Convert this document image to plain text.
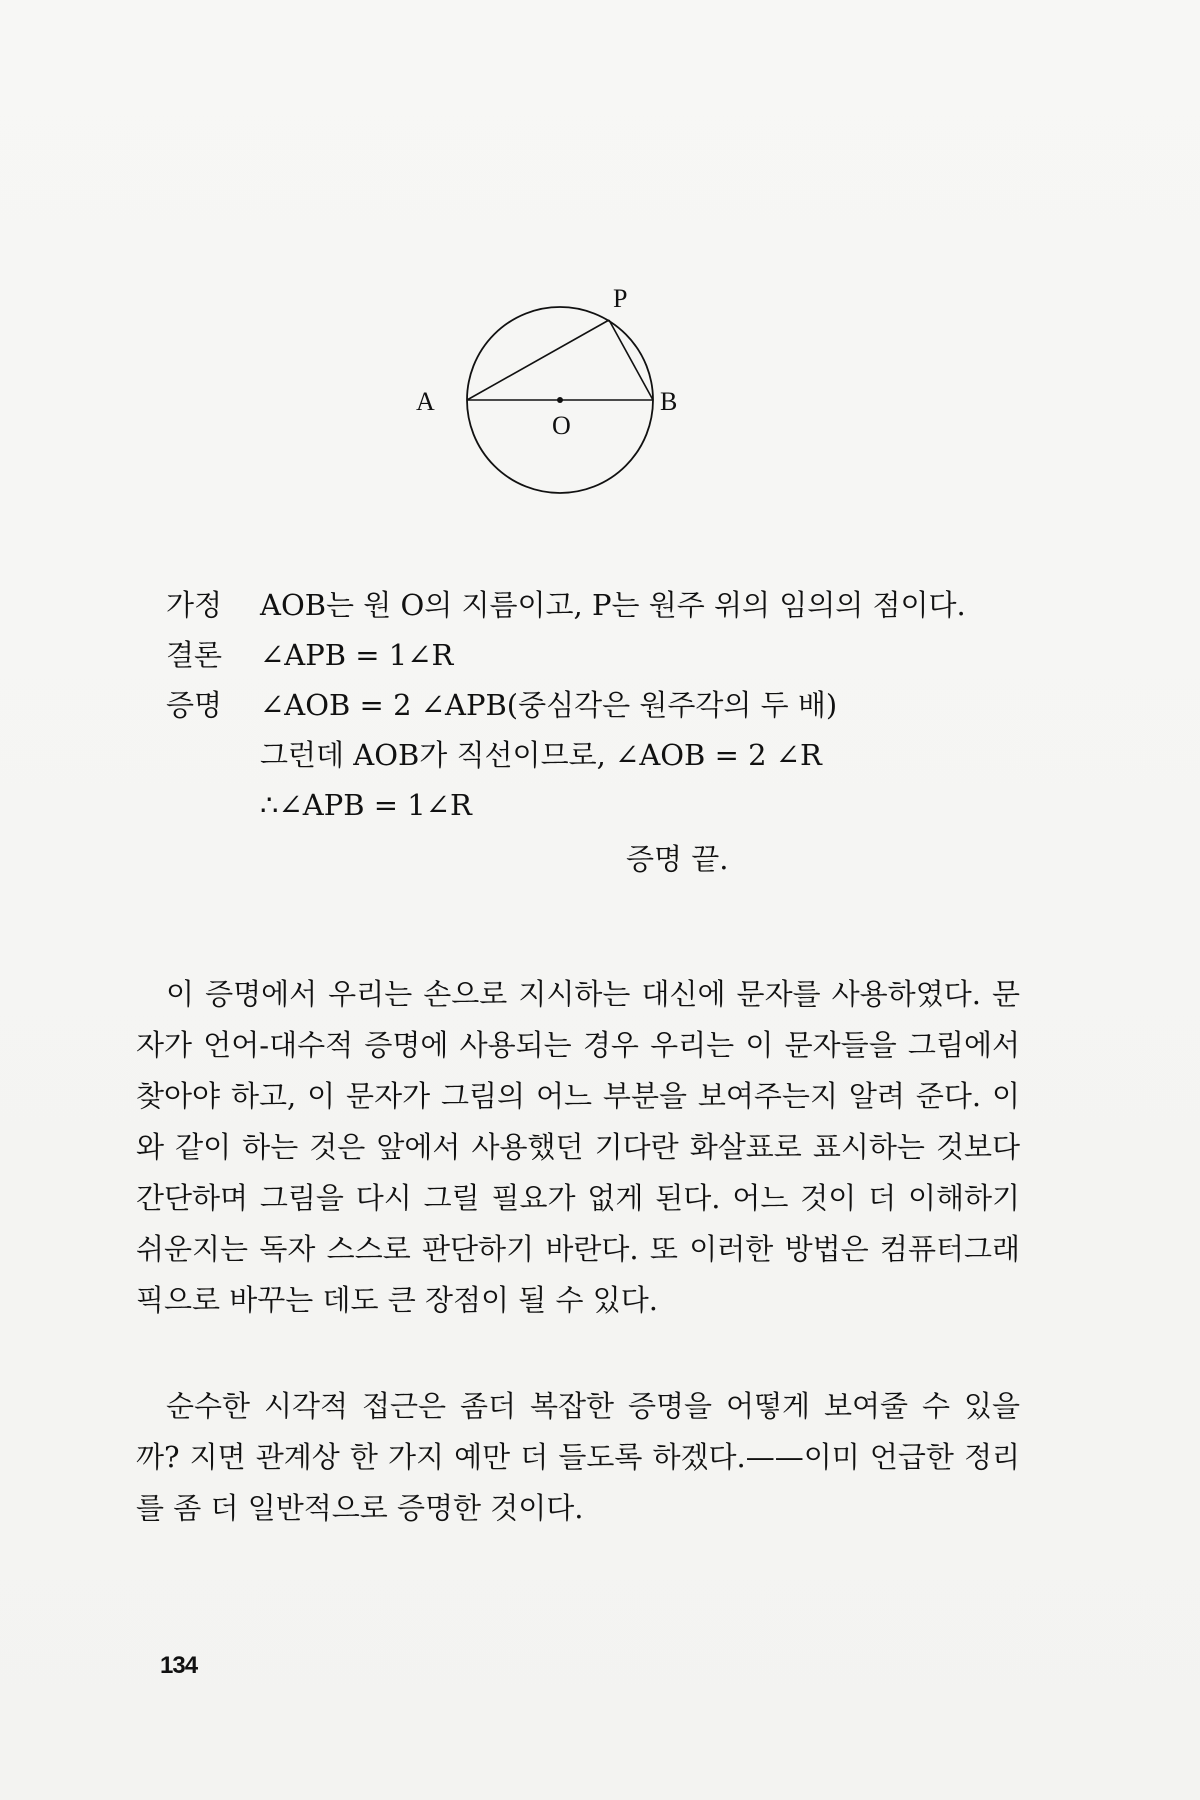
P
A	B
O
가정	AOB는 원 O의 지름이고, P는 원주 위의 임의의 점이다.
결론	∠APB = 1∠R
증명	∠AOB = 2 ∠APB(중심각은 원주각의 두 배)
그런데 AOB가 직선이므로, ∠AOB = 2 ∠R
∴∠APB = 1∠R
증명 끝.

이 증명에서 우리는 손으로 지시하는 대신에 문자를 사용하였다. 문자가 언어-대수적 증명에 사용되는 경우 우리는 이 문자들을 그림에서 찾아야 하고, 이 문자가 그림의 어느 부분을 보여주는지 알려 준다. 이와 같이 하는 것은 앞에서 사용했던 기다란 화살표로 표시하는 것보다 간단하며 그림을 다시 그릴 필요가 없게 된다. 어느 것이 더 이해하기 쉬운지는 독자 스스로 판단하기 바란다. 또 이러한 방법은 컴퓨터그래픽으로 바꾸는 데도 큰 장점이 될 수 있다.

순수한 시각적 접근은 좀더 복잡한 증명을 어떻게 보여줄 수 있을까? 지면 관계상 한 가지 예만 더 들도록 하겠다.——이미 언급한 정리를 좀 더 일반적으로 증명한 것이다.

134
